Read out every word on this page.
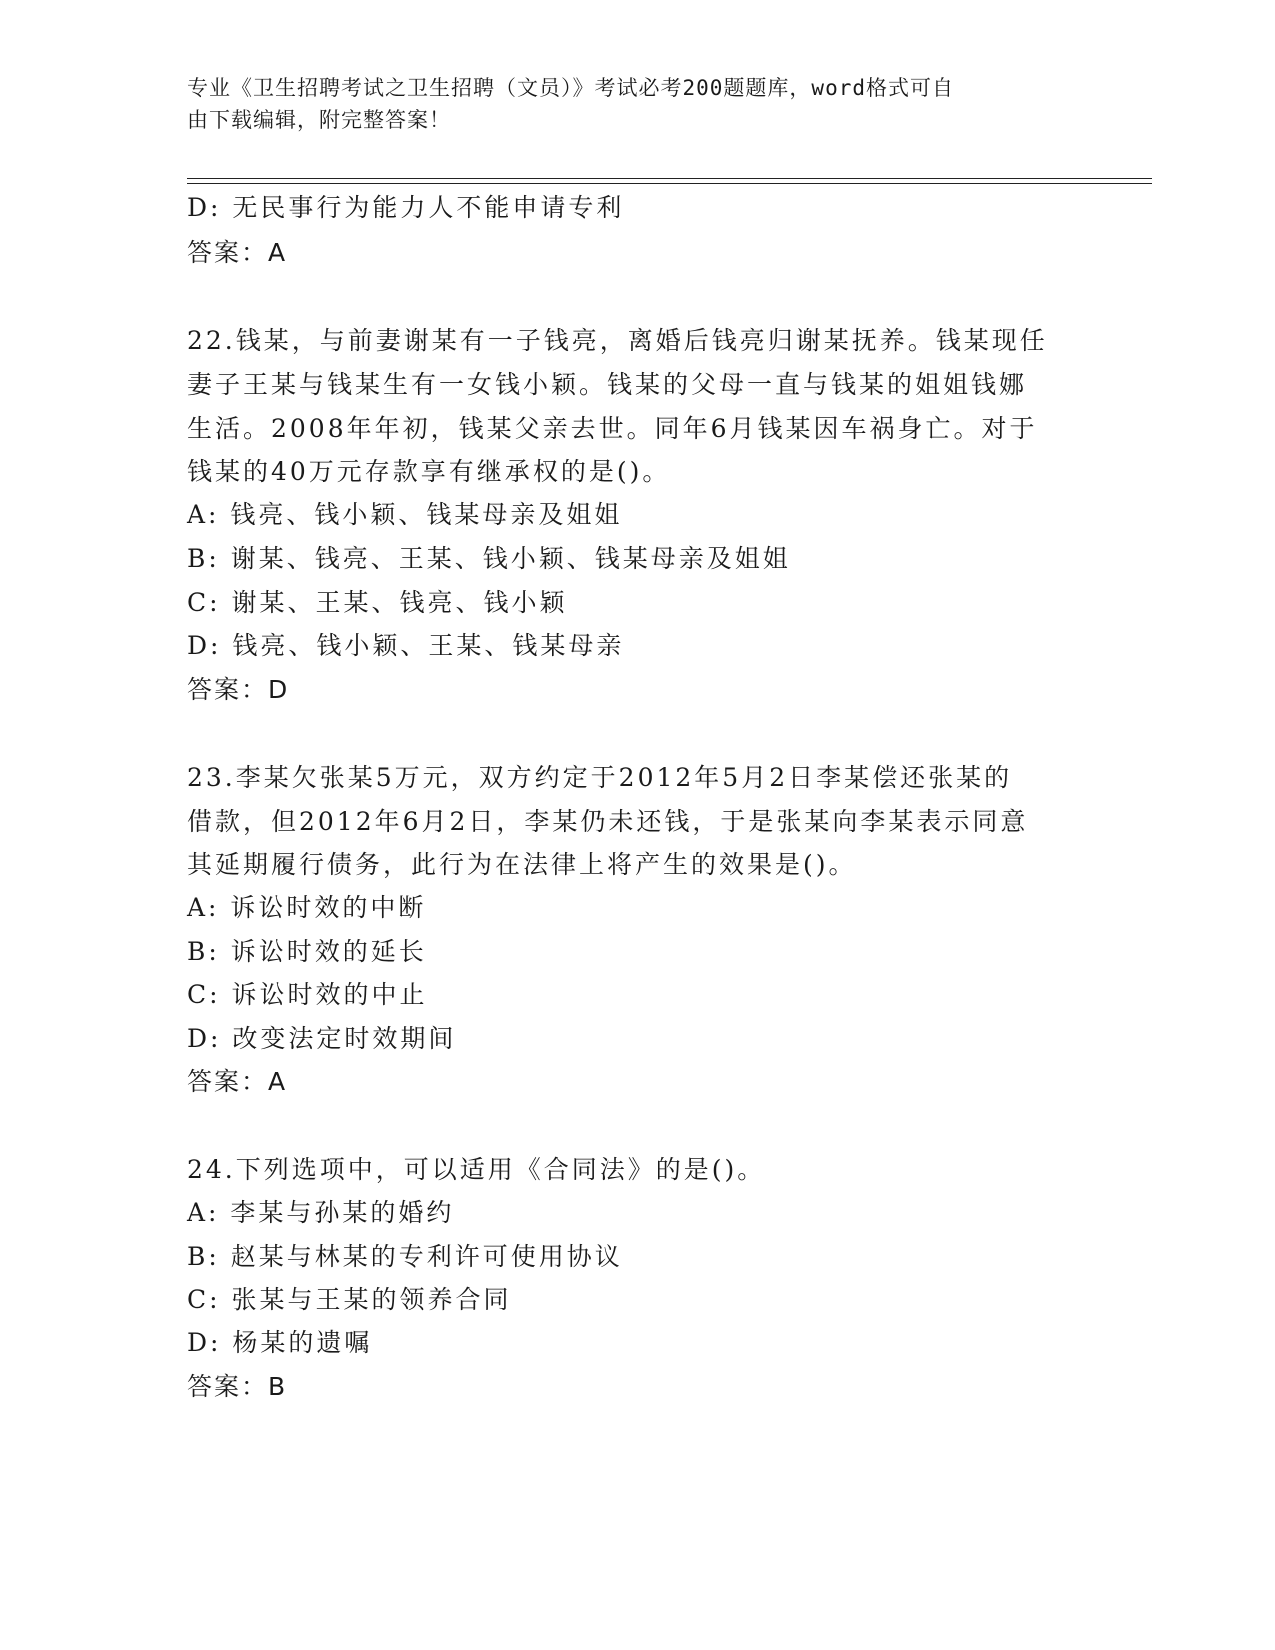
专业《卫生招聘考试之卫生招聘（文员）》考试必考200题题库，word格式可自
由下载编辑，附完整答案！
D: 无民事行为能力人不能申请专利
答案：A
22.钱某，与前妻谢某有一子钱亮，离婚后钱亮归谢某抚养。钱某现任
妻子王某与钱某生有一女钱小颖。钱某的父母一直与钱某的姐姐钱娜
生活。2008年年初，钱某父亲去世。同年6月钱某因车祸身亡。对于
钱某的40万元存款享有继承权的是()。
A: 钱亮、钱小颖、钱某母亲及姐姐
B: 谢某、钱亮、王某、钱小颖、钱某母亲及姐姐
C: 谢某、王某、钱亮、钱小颖
D: 钱亮、钱小颖、王某、钱某母亲
答案：D
23.李某欠张某5万元，双方约定于2012年5月2日李某偿还张某的
借款，但2012年6月2日，李某仍未还钱，于是张某向李某表示同意
其延期履行债务，此行为在法律上将产生的效果是()。
A: 诉讼时效的中断
B: 诉讼时效的延长
C: 诉讼时效的中止
D: 改变法定时效期间
答案：A
24.下列选项中，可以适用《合同法》的是()。
A: 李某与孙某的婚约
B: 赵某与林某的专利许可使用协议
C: 张某与王某的领养合同
D: 杨某的遗嘱
答案：B
